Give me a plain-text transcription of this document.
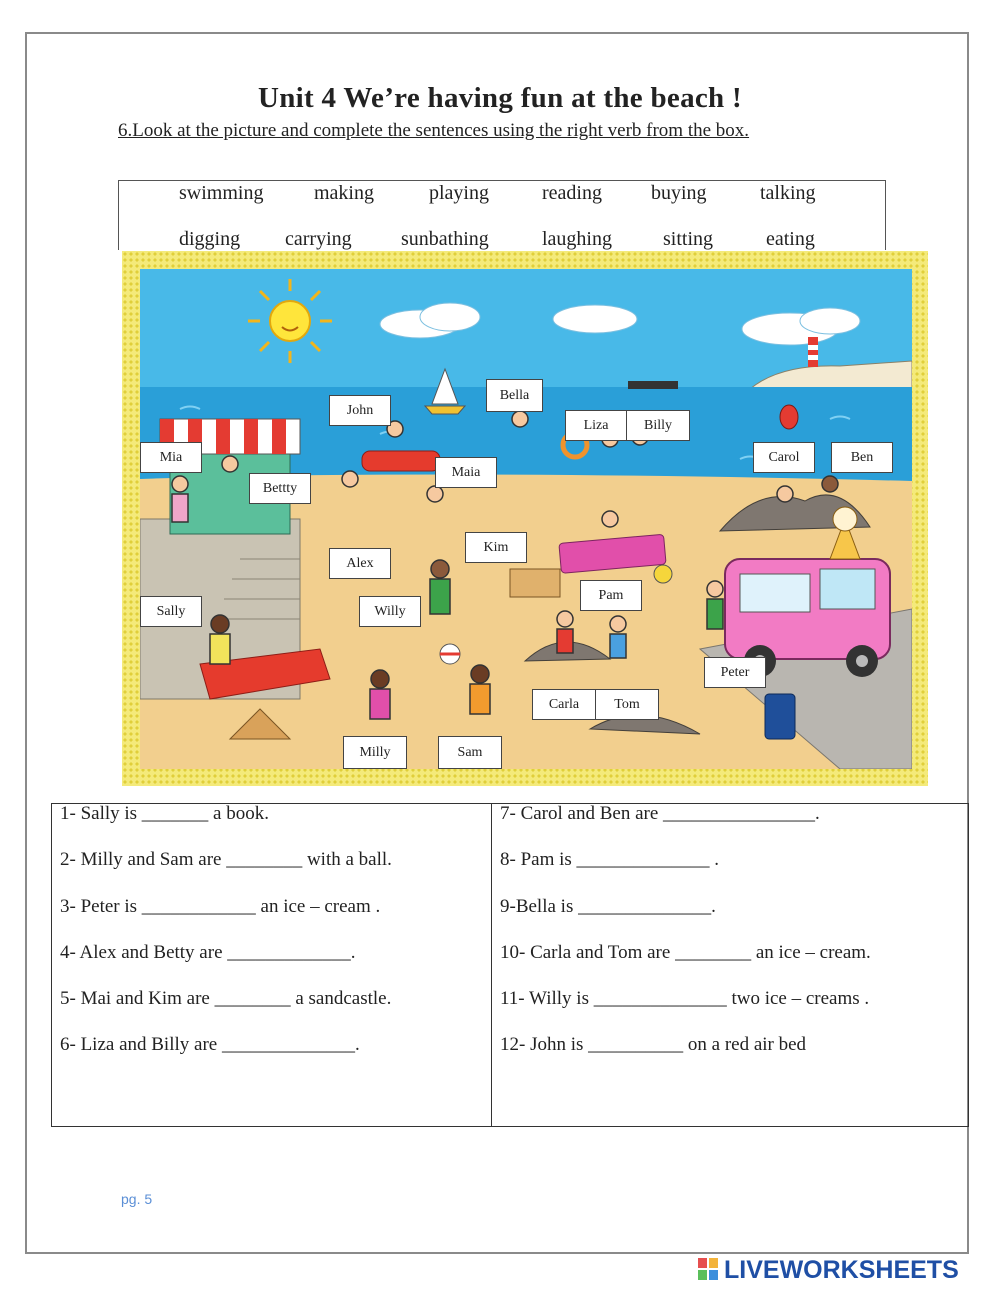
Unit 4 We’re having fun at the beach !
6.Look at the picture and complete the sentences using the right verb from the box.
swimming	making	playing	reading buying	talking
digging carrying sunbathing	laughing	sitting	eating
Bella
John
Liza	Billy
Mia	Carol	Ben
Maia
Bettty
Kim
Alex
Pam
Sally	Willy
Peter
Carla	Tom
Milly	Sam
1- Sally is _______ a book.
2- Milly and Sam are ________ with a ball.
3- Peter is ____________ an ice – cream .
4- Alex and Betty are _____________.
5- Mai and Kim are ________ a sandcastle.
6- Liza and Billy are ______________.
7- Carol and Ben are ________________.
8- Pam is ______________ .
9-Bella is ______________.
10- Carla and Tom are ________ an ice – cream.
11- Willy is ______________ two ice – creams .
12- John is __________ on a red air bed
pg. 5
LIVEWORKSHEETS
